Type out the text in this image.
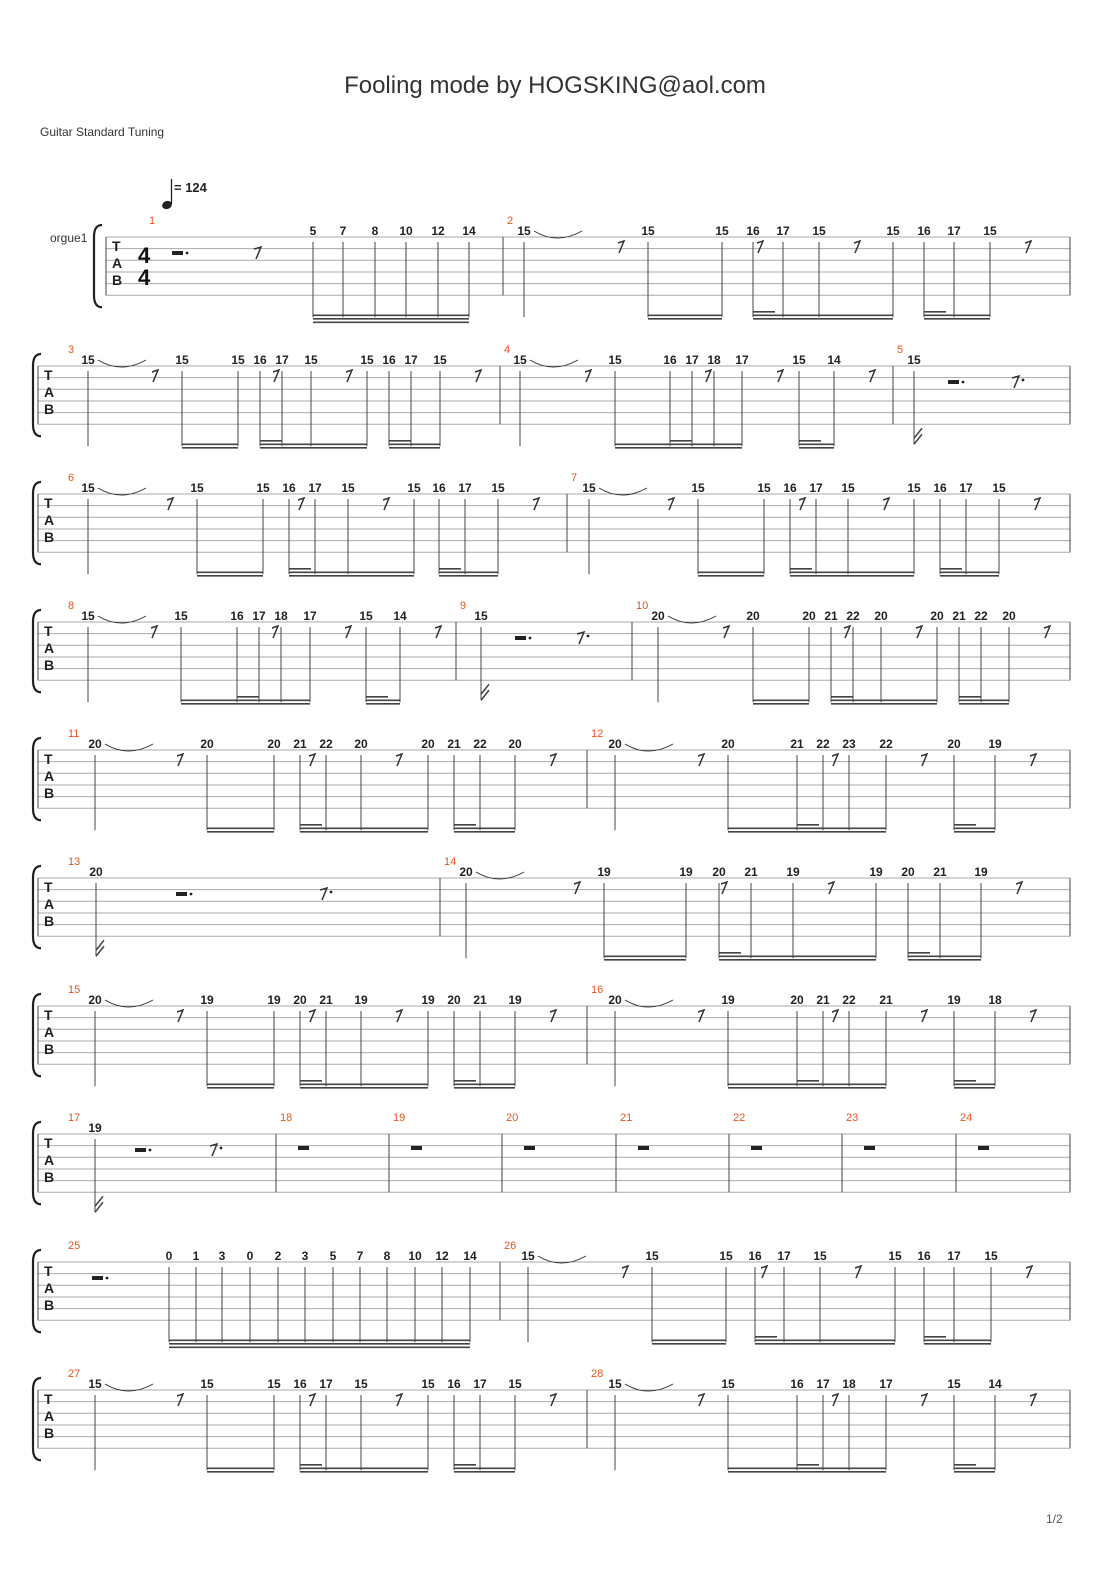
Fooling mode by HOGSKING@aol.com
Guitar Standard Tuning
= 124
T
A
B
orgue1
4
4
1
5 7 8 10 12 14
2
15	15	15 16 17 15	15 16 17 15
T
A
B
3
15	15	15 16 17 15	15 16 17 15
4
15	15	16 17 18 17	15 14
5
15
T
A
B
6
15	15	15 16 17 15	15 16 17 15
7
15	15	15 16 17 15	15 16 17 15
T
A
B
8
15	15	16 17 18 17	15 14
9
15
10
20	20	20 21 22 20	20 21 22 20
T
A
B
11
20	20	20 21 22 20	20 21 22 20
12
20	20	21 22 23 22	20 19
T
A
B
13
20
14
20	19	19 20 21 19	19 20 21 19
T
A
B
15
20	19	19 20 21 19	19 20 21 19
16
20	19	20 21 22 21	19 18
T
A
B
17
19
18	19	20	21	22	23	24
T
A
B
25
0 1 3 0 2 3 5 7 8 10 12 14
26
15	15	15 16 17 15	15 16 17 15
T
A
B
27
15	15	15 16 17 15	15 16 17 15
28
15	15	16 17 18 17	15 14
1/2
